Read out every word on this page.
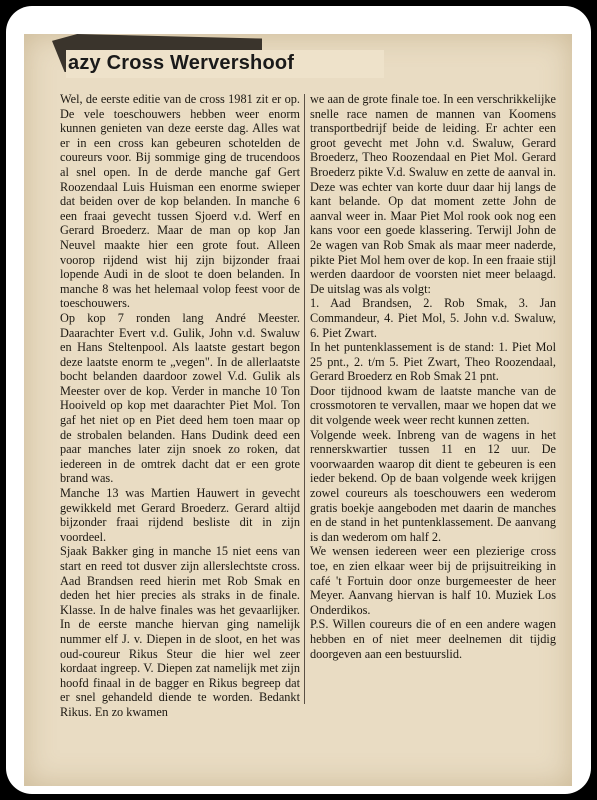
azy Cross Wervershoof

Wel, de eerste editie van de cross 1981 zit er op. De vele toeschouwers hebben weer enorm kunnen genieten van deze eerste dag. Alles wat er in een cross kan gebeuren schotelden de coureurs voor. Bij sommige ging de trucendoos al snel open. In de derde manche gaf Gert Roozendaal Luis Huisman een enorme swieper dat beiden over de kop belanden. In manche 6 een fraai gevecht tussen Sjoerd v.d. Werf en Gerard Broederz. Maar de man op kop Jan Neuvel maakte hier een grote fout. Alleen voorop rijdend wist hij zijn bijzonder fraai lopende Audi in de sloot te doen belanden. In manche 8 was het helemaal volop feest voor de toeschouwers.

Op kop 7 ronden lang André Meester. Daarachter Evert v.d. Gulik, John v.d. Swaluw en Hans Steltenpool. Als laatste gestart begon deze laatste enorm te „vegen". In de allerlaatste bocht belanden daardoor zowel V.d. Gulik als Meester over de kop. Verder in manche 10 Ton Hooiveld op kop met daarachter Piet Mol. Ton gaf het niet op en Piet deed hem toen maar op de strobalen belanden. Hans Dudink deed een paar manches later zijn snoek zo roken, dat iedereen in de omtrek dacht dat er een grote brand was.

Manche 13 was Martien Hauwert in gevecht gewikkeld met Gerard Broederz. Gerard altijd bijzonder fraai rijdend besliste dit in zijn voordeel.

Sjaak Bakker ging in manche 15 niet eens van start en reed tot dusver zijn allerslechtste cross. Aad Brandsen reed hierin met Rob Smak en deden het hier precies als straks in de finale. Klasse. In de halve finales was het gevaarlijker. In de eerste manche hiervan ging namelijk nummer elf J. v. Diepen in de sloot, en het was oud-coureur Rikus Steur die hier wel zeer kordaat ingreep. V. Diepen zat namelijk met zijn hoofd finaal in de bagger en Rikus begreep dat er snel gehandeld diende te worden. Bedankt Rikus. En zo kwamen

we aan de grote finale toe. In een verschrikkelijke snelle race namen de mannen van Koomens transportbedrijf beide de leiding. Er achter een groot gevecht met John v.d. Swaluw, Gerard Broederz, Theo Roozendaal en Piet Mol. Gerard Broederz pikte V.d. Swaluw en zette de aanval in. Deze was echter van korte duur daar hij langs de kant belande. Op dat moment zette John de aanval weer in. Maar Piet Mol rook ook nog een kans voor een goede klassering. Terwijl John de 2e wagen van Rob Smak als maar meer naderde, pikte Piet Mol hem over de kop. In een fraaie stijl werden daardoor de voorsten niet meer belaagd. De uitslag was als volgt:

1. Aad Brandsen, 2. Rob Smak, 3. Jan Commandeur, 4. Piet Mol, 5. John v.d. Swaluw, 6. Piet Zwart.

In het puntenklassement is de stand: 1. Piet Mol 25 pnt., 2. t/m 5. Piet Zwart, Theo Roozendaal, Gerard Broederz en Rob Smak 21 pnt.

Door tijdnood kwam de laatste manche van de crossmotoren te vervallen, maar we hopen dat we dit volgende week weer recht kunnen zetten.

Volgende week. Inbreng van de wagens in het rennerskwartier tussen 11 en 12 uur. De voorwaarden waarop dit dient te gebeuren is een ieder bekend. Op de baan volgende week krijgen zowel coureurs als toeschouwers een wederom gratis boekje aangeboden met daarin de manches en de stand in het puntenklassement. De aanvang is dan wederom om half 2.

We wensen iedereen weer een plezierige cross toe, en zien elkaar weer bij de prijsuitreiking in café 't Fortuin door onze burgemeester de heer Meyer. Aanvang hiervan is half 10. Muziek Los Onderdikos.

P.S. Willen coureurs die of en een andere wagen hebben en of niet meer deelnemen dit tijdig doorgeven aan een bestuurslid.
